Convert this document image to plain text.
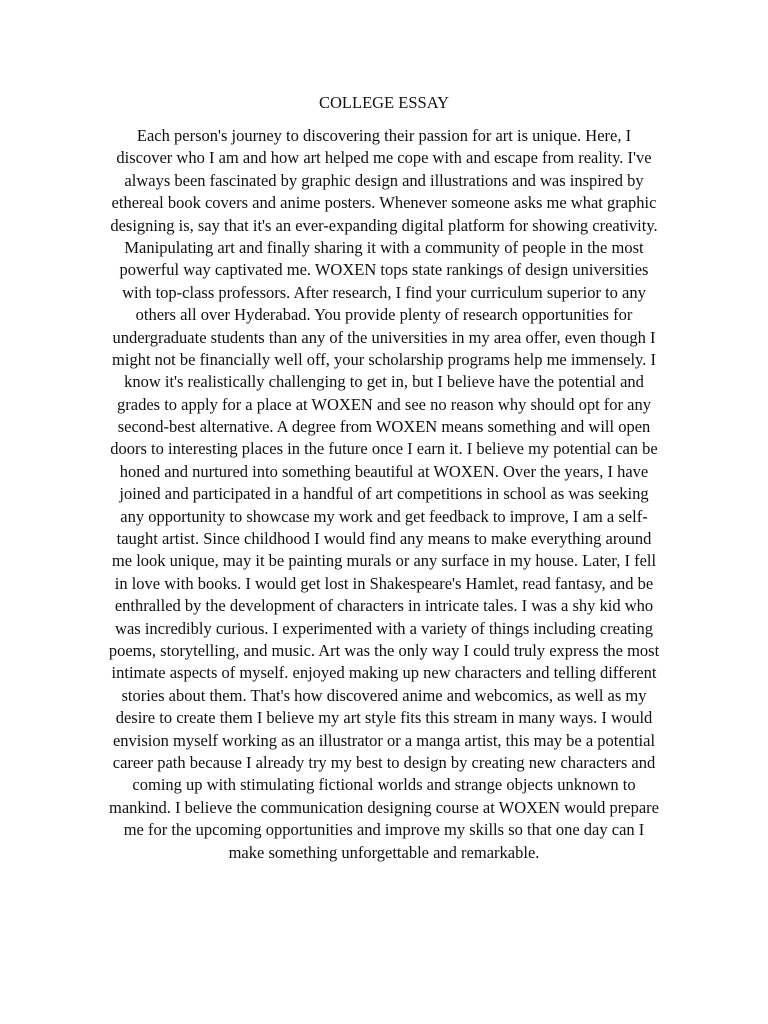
COLLEGE ESSAY
Each person's journey to discovering their passion for art is unique. Here, I
discover who I am and how art helped me cope with and escape from reality. I've
always been fascinated by graphic design and illustrations and was inspired by
ethereal book covers and anime posters. Whenever someone asks me what graphic
designing is, say that it's an ever-expanding digital platform for showing creativity.
Manipulating art and finally sharing it with a community of people in the most
powerful way captivated me. WOXEN tops state rankings of design universities
with top-class professors. After research, I find your curriculum superior to any
others all over Hyderabad. You provide plenty of research opportunities for
undergraduate students than any of the universities in my area offer, even though I
might not be financially well off, your scholarship programs help me immensely. I
know it's realistically challenging to get in, but I believe have the potential and
grades to apply for a place at WOXEN and see no reason why should opt for any
second-best alternative. A degree from WOXEN means something and will open
doors to interesting places in the future once I earn it. I believe my potential can be
honed and nurtured into something beautiful at WOXEN. Over the years, I have
joined and participated in a handful of art competitions in school as was seeking
any opportunity to showcase my work and get feedback to improve, I am a self-
taught artist. Since childhood I would find any means to make everything around
me look unique, may it be painting murals or any surface in my house. Later, I fell
in love with books. I would get lost in Shakespeare's Hamlet, read fantasy, and be
enthralled by the development of characters in intricate tales. I was a shy kid who
was incredibly curious. I experimented with a variety of things including creating
poems, storytelling, and music. Art was the only way I could truly express the most
intimate aspects of myself. enjoyed making up new characters and telling different
stories about them. That's how discovered anime and webcomics, as well as my
desire to create them I believe my art style fits this stream in many ways. I would
envision myself working as an illustrator or a manga artist, this may be a potential
career path because I already try my best to design by creating new characters and
coming up with stimulating fictional worlds and strange objects unknown to
mankind. I believe the communication designing course at WOXEN would prepare
me for the upcoming opportunities and improve my skills so that one day can I
make something unforgettable and remarkable.
